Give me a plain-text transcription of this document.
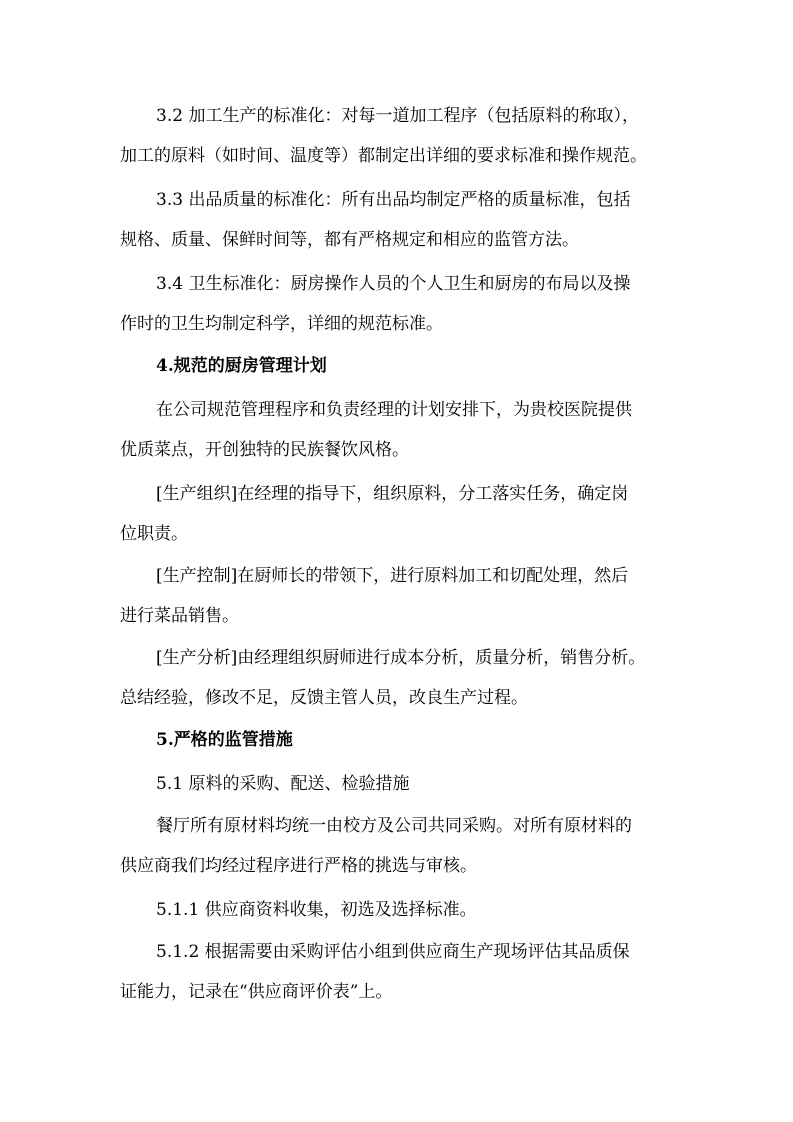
3.2 加工生产的标准化：对每一道加工程序（包括原料的称取），
加工的原料（如时间、温度等）都制定出详细的要求标准和操作规范。
3.3 出品质量的标准化：所有出品均制定严格的质量标准，包括
规格、质量、保鲜时间等，都有严格规定和相应的监管方法。
3.4 卫生标准化：厨房操作人员的个人卫生和厨房的布局以及操
作时的卫生均制定科学，详细的规范标准。
4.规范的厨房管理计划
在公司规范管理程序和负责经理的计划安排下，为贵校医院提供
优质菜点，开创独特的民族餐饮风格。
[生产组织]在经理的指导下，组织原料，分工落实任务，确定岗
位职责。
[生产控制]在厨师长的带领下，进行原料加工和切配处理，然后
进行菜品销售。
[生产分析]由经理组织厨师进行成本分析，质量分析，销售分析。
总结经验，修改不足，反馈主管人员，改良生产过程。
5.严格的监管措施
5.1 原料的采购、配送、检验措施
餐厅所有原材料均统一由校方及公司共同采购。对所有原材料的
供应商我们均经过程序进行严格的挑选与审核。
5.1.1 供应商资料收集，初选及选择标准。
5.1.2 根据需要由采购评估小组到供应商生产现场评估其品质保
证能力，记录在“供应商评价表”上。
